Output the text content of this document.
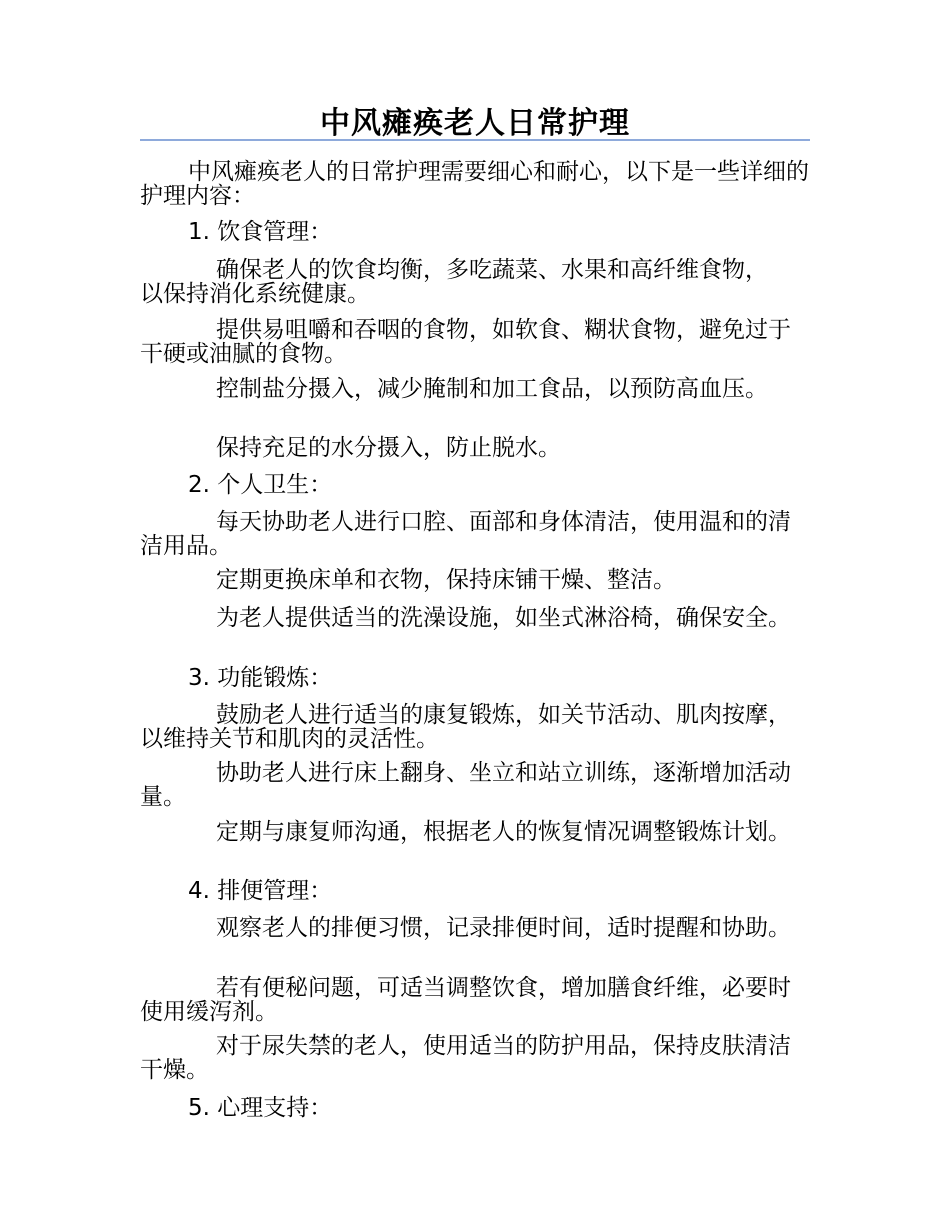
中风瘫痪老人日常护理

中风瘫痪老人的日常护理需要细心和耐心，以下是一些详细的护理内容：

1. 饮食管理：

确保老人的饮食均衡，多吃蔬菜、水果和高纤维食物，以保持消化系统健康。

提供易咀嚼和吞咽的食物，如软食、糊状食物，避免过于干硬或油腻的食物。

控制盐分摄入，减少腌制和加工食品，以预防高血压。

保持充足的水分摄入，防止脱水。

2. 个人卫生：

每天协助老人进行口腔、面部和身体清洁，使用温和的清洁用品。

定期更换床单和衣物，保持床铺干燥、整洁。

为老人提供适当的洗澡设施，如坐式淋浴椅，确保安全。

3. 功能锻炼：

鼓励老人进行适当的康复锻炼，如关节活动、肌肉按摩，以维持关节和肌肉的灵活性。

协助老人进行床上翻身、坐立和站立训练，逐渐增加活动量。

定期与康复师沟通，根据老人的恢复情况调整锻炼计划。

4. 排便管理：

观察老人的排便习惯，记录排便时间，适时提醒和协助。

若有便秘问题，可适当调整饮食，增加膳食纤维，必要时使用缓泻剂。

对于尿失禁的老人，使用适当的防护用品，保持皮肤清洁干燥。

5. 心理支持：
